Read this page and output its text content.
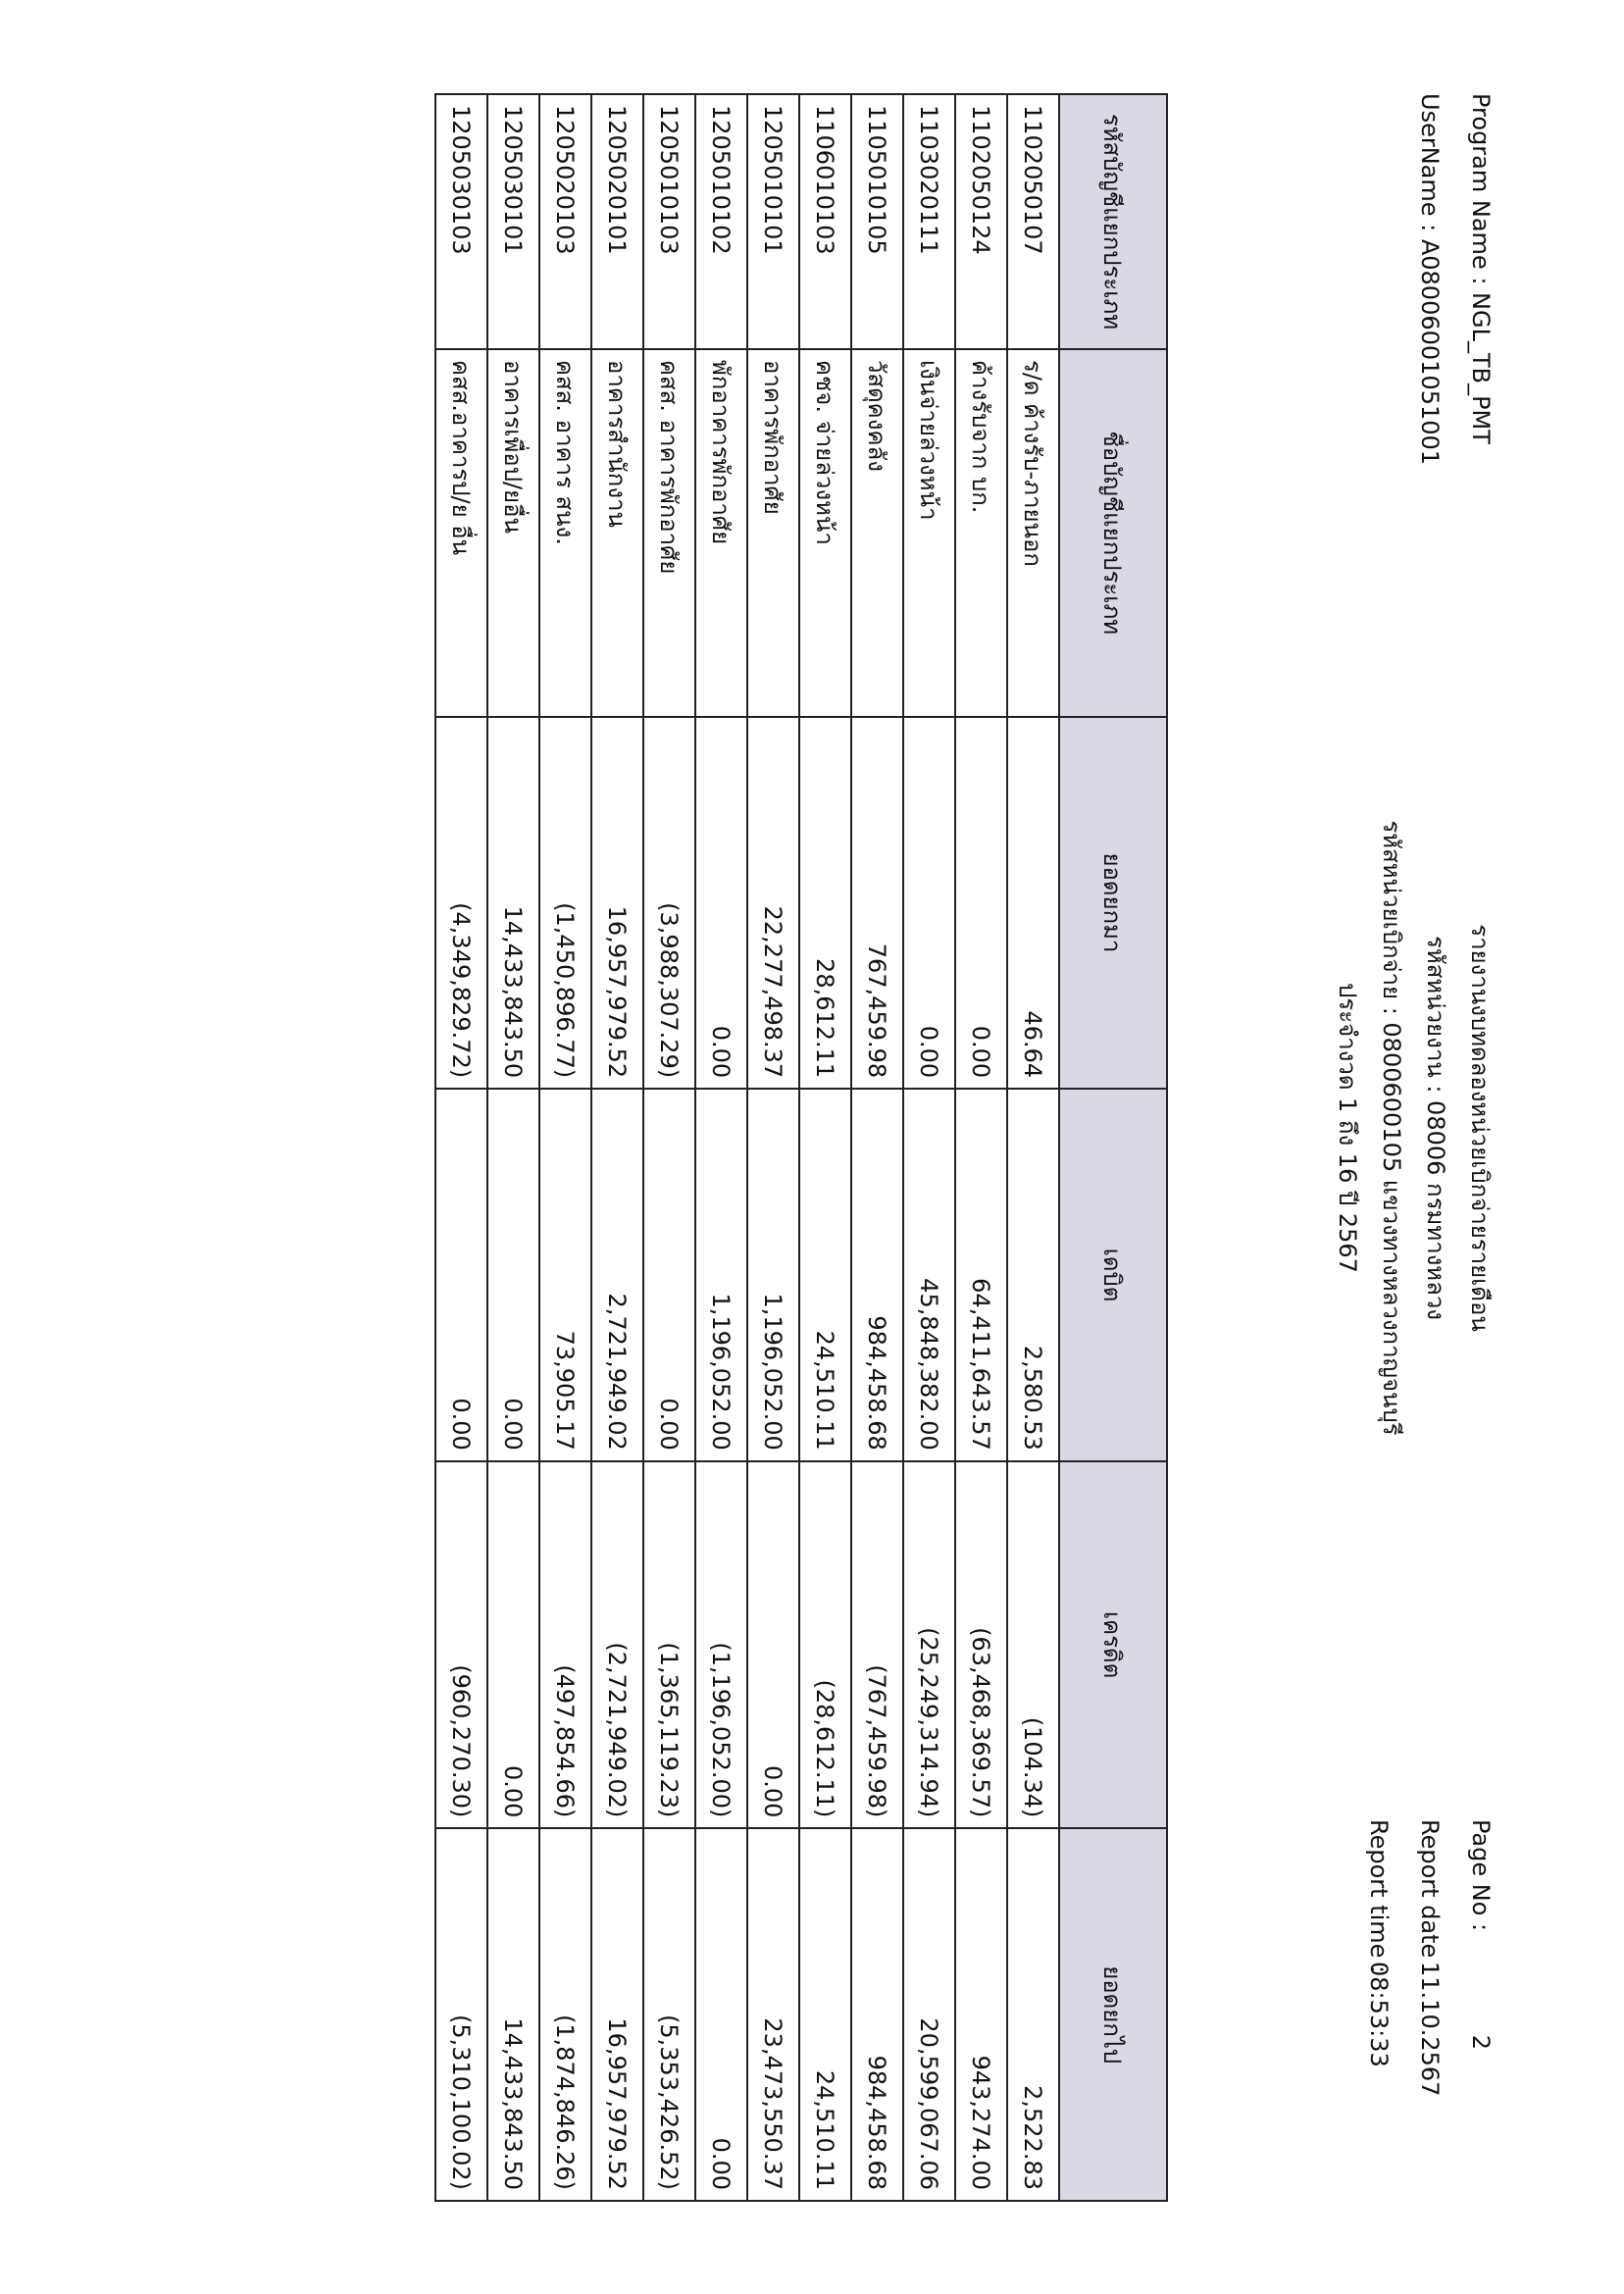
Program Name : NGL_TB_PMT
UserName : A080060010510​01
รายงานงบทดลองหน่วยเบิกจ่ายรายเดือน
รหัสหน่วยงาน : 08006 กรมทางหลวง
รหัสหน่วยเบิกจ่าย : 0800600105 แขวงทางหลวงกาญจนบุรี
ประจำงวด 1 ถึง 16 ปี 2567
Page No :
2
Report date :
11.10.2567
Report time :
08:53:33
รหัสบัญชีแยกประเภท	ชื่อบัญชีแยกประเภท	ยอดยกมา	เดบิต	เครดิต	ยอดยกไป
1102050107	ร/ด ค้างรับ-ภายนอก	46.64	2,580.53	(104.34)	2,522.83
1102050124	ค้างรับจาก บก.	0.00	64,411,643.57	(63,468,369.57)	943,274.00
1103020111	เงินจ่ายล่วงหน้า	0.00	45,848,382.00	(25,249,314.94)	20,599,067.06
1105010105	วัสดุคงคลัง	767,459.98	984,458.68	(767,459.98)	984,458.68
1106010103	คชจ. จ่ายล่วงหน้า	28,612.11	24,510.11	(28,612.11)	24,510.11
1205010101	อาคารพักอาศัย	22,277,498.37	1,196,052.00	0.00	23,473,550.37
1205010102	พักอาคารพักอาศัย	0.00	1,196,052.00	(1,196,052.00)	0.00
1205010103	คสส. อาคารพักอาศัย	(3,988,307.29)	0.00	(1,365,119.23)	(5,353,426.52)
1205020101	อาคารสำนักงาน	16,957,979.52	2,721,949.02	(2,721,949.02)	16,957,979.52
1205020103	คสส. อาคาร สนง.	(1,450,896.77)	73,905.17	(497,854.66)	(1,874,846.26)
1205030101	อาคารเพื่อป/ยอื่น	14,433,843.50	0.00	0.00	14,433,843.50
1205030103	คสส.อาคารป/ย อื่น	(4,349,829.72)	0.00	(960,270.30)	(5,310,100.02)
